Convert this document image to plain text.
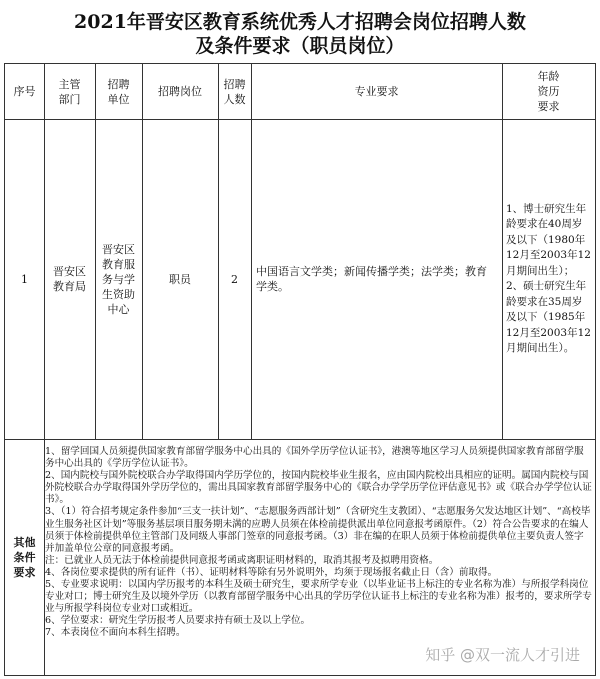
2021年晋安区教育系统优秀人才招聘会岗位招聘人数
及条件要求（职员岗位）
序号
主管
部门
招聘
单位
招聘岗位
招聘
人数
专业要求
年龄
资历
要求
1
晋安区
教育局
晋安区
教育服
务与学
生资助
中心
职员	2
中国语言文学类；新闻传播学类；法学类；教育学类。
1、博士研究生年龄要求在40周岁及以下（1980年12月至2003年12月期间出生）；
2、硕士研究生年龄要求在35周岁及以下（1985年12月至2003年12月期间出生）。
其他
条件
要求

1、留学回国人员须提供国家教育部留学服务中心出具的《国外学历学位认证书》，港澳等地区学习人员须提供国家教育部留学服务中心出具的《学历学位认证书》。

2、国内院校与国外院校联合办学取得国内学历学位的，按国内院校毕业生报名，应由国内院校出具相应的证明。属国内院校与国外院校联合办学取得国外学历学位的，需出具国家教育部留学服务中心的《联合办学学历学位评估意见书》或《联合办学学位认证书》。

3、（1）符合招考规定条件参加“三支一扶计划”、“志愿服务西部计划”（含研究生支教团）、“志愿服务欠发达地区计划”、“高校毕业生服务社区计划”等服务基层项目服务期未满的应聘人员须在体检前提供派出单位同意报考函原件。（2）符合公告要求的在编人员须于体检前提供单位主管部门及同级人事部门签章的同意报考函。（3）非在编的在职人员须于体检前提供单位主要负责人签字并加盖单位公章的同意报考函。

注：已就业人员无法于体检前提供同意报考函或离职证明材料的，取消其报考及拟聘用资格。

4、各岗位要求提供的所有证件（书）、证明材料等除有另外说明外，均须于现场报名截止日（含）前取得。

5、专业要求说明：以国内学历报考的本科生及硕士研究生，要求所学专业（以毕业证书上标注的专业名称为准）与所报学科岗位专业对口；博士研究生及以境外学历（以教育部留学服务中心出具的学历学位认证书上标注的专业名称为准）报考的，要求所学专业与所报学科岗位专业对口或相近。

6、学位要求：研究生学历报考人员要求持有硕士及以上学位。

7、本表岗位不面向本科生招聘。

知乎 @双一流人才引进
